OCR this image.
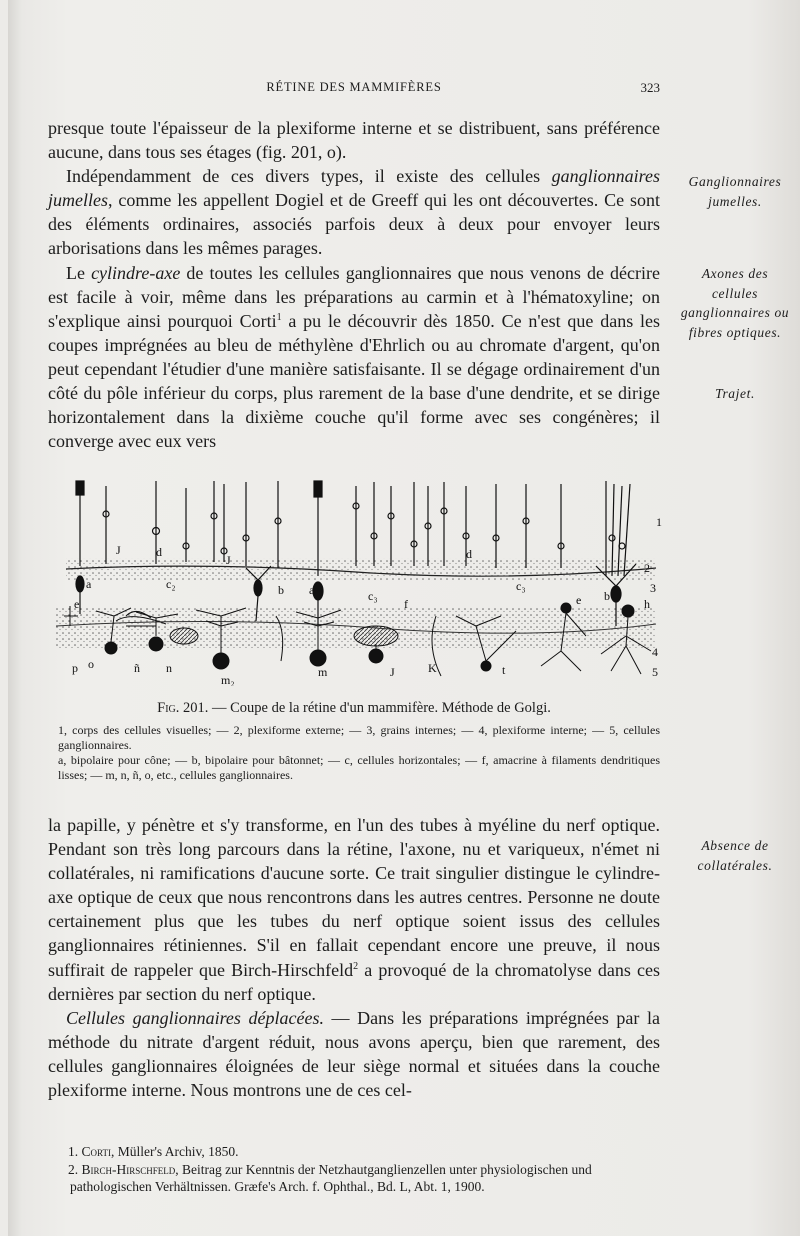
RÉTINE DES MAMMIFÈRES	323

presque toute l'épaisseur de la plexiforme interne et se distribuent, sans préférence aucune, dans tous ses étages (fig. 201, o).

Indépendamment de ces divers types, il existe des cellules ganglionnaires jumelles, comme les appellent Dogiel et de Greeff qui les ont découvertes. Ce sont des éléments ordinaires, associés parfois deux à deux pour envoyer leurs arborisations dans les mêmes parages.

Le cylindre-axe de toutes les cellules ganglionnaires que nous venons de décrire est facile à voir, même dans les préparations au carmin et à l'hématoxyline; on s'explique ainsi pourquoi Corti$^1$ a pu le découvrir dès 1850. Ce n'est que dans les coupes imprégnées au bleu de méthylène d'Ehrlich ou au chromate d'argent, qu'on peut cependant l'étudier d'une manière satisfaisante. Il se dégage ordinairement d'un côté du pôle inférieur du corps, plus rarement de la base d'une dendrite, et se dirige horizontalement dans la dixième couche qu'il forme avec ses congénères; il converge avec eux vers

Ganglionnaires jumelles.
Axones des cellules ganglionnaires ou fibres optiques.
Trajet.
Absence de collatérales.
e
a
J	d
c₂
J
b a	c₃
f
d
c₃
e b
h
p o	ñ n
m₂
m	J	K	t
1
2
3
4
5
Fig. 201. — Coupe de la rétine d'un mammifère. Méthode de Golgi.
1, corps des cellules visuelles; — 2, plexiforme externe; — 3, grains internes; — 4, plexiforme interne; — 5, cellules ganglionnaires.
a, bipolaire pour cône; — b, bipolaire pour bâtonnet; — c, cellules horizontales; — f, amacrine à filaments dendritiques lisses; — m, n, ñ, o, etc., cellules ganglionnaires.

la papille, y pénètre et s'y transforme, en l'un des tubes à myéline du nerf optique. Pendant son très long parcours dans la rétine, l'axone, nu et variqueux, n'émet ni collatérales, ni ramifications d'aucune sorte. Ce trait singulier distingue le cylindre-axe optique de ceux que nous rencontrons dans les autres centres. Personne ne doute certainement plus que les tubes du nerf optique soient issus des cellules ganglionnaires rétiniennes. S'il en fallait cependant encore une preuve, il nous suffirait de rappeler que Birch-Hirschfeld$^2$ a provoqué de la chromatolyse dans ces dernières par section du nerf optique.

Cellules ganglionnaires déplacées. — Dans les préparations imprégnées par la méthode du nitrate d'argent réduit, nous avons aperçu, bien que rarement, des cellules ganglionnaires éloignées de leur siège normal et situées dans la couche plexiforme interne. Nous montrons une de ces cel-

1. Corti, Müller's Archiv, 1850.
2. Birch-Hirschfeld, Beitrag zur Kenntnis der Netzhautganglienzellen unter physiologischen und pathologischen Verhältnissen. Græfe's Arch. f. Ophthal., Bd. L, Abt. 1, 1900.
